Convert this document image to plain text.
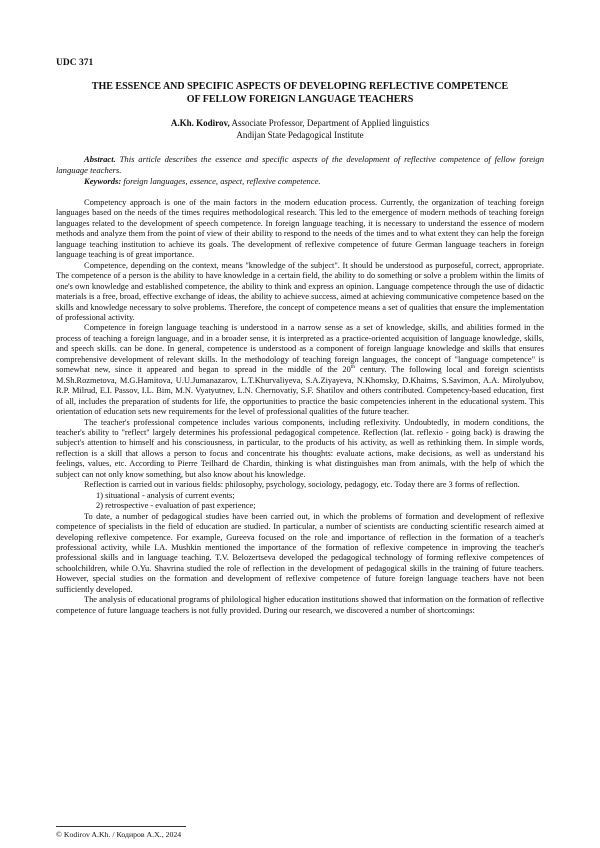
UDC 371
THE ESSENCE AND SPECIFIC ASPECTS OF DEVELOPING REFLECTIVE COMPETENCE
OF FELLOW FOREIGN LANGUAGE TEACHERS
A.Kh. Kodirov, Associate Professor, Department of Applied linguistics
Andijan State Pedagogical Institute
Abstract. This article describes the essence and specific aspects of the development of reflective competence of fellow foreign language teachers.
Keywords: foreign languages, essence, aspect, reflexive competence.

Competency approach is one of the main factors in the modern education process. Currently, the organization of teaching foreign languages based on the needs of the times requires methodological research. This led to the emergence of modern methods of teaching foreign languages related to the development of speech competence. In foreign language teaching, it is necessary to understand the essence of modern methods and analyze them from the point of view of their ability to respond to the needs of the times and to what extent they can help the foreign language teaching institution to achieve its goals. The development of reflexive competence of future German language teachers in foreign language teaching is of great importance.

Competence, depending on the context, means "knowledge of the subject". It should be understood as purposeful, correct, appropriate. The competence of a person is the ability to have knowledge in a certain field, the ability to do something or solve a problem within the limits of one's own knowledge and established competence, the ability to think and express an opinion. Language competence through the use of didactic materials is a free, broad, effective exchange of ideas, the ability to achieve success, aimed at achieving communicative competence based on the skills and knowledge necessary to solve problems. Therefore, the concept of competence means a set of qualities that ensure the implementation of professional activity.

Competence in foreign language teaching is understood in a narrow sense as a set of knowledge, skills, and abilities formed in the process of teaching a foreign language, and in a broader sense, it is interpreted as a practice-oriented acquisition of language knowledge, skills, and speech skills. can be done. In general, competence is understood as a component of foreign language knowledge and skills that ensures comprehensive development of relevant skills. In the methodology of teaching foreign languages, the concept of "language competence" is somewhat new, since it appeared and began to spread in the middle of the 20th century. The following local and foreign scientists M.Sh.Rozmetova, M.G.Hamitova, U.U.Jumanazarov, L.T.Khurvaliyeva, S.A.Ziyayeva, N.Khomsky, D.Khaims, S.Savimon, A.A. Mirolyubov, R.P. Milrud, E.I. Passov, I.L. Bim, M.N. Vyatyutnev, L.N. Chernovatiy, S.F. Shatilov and others contributed. Competency-based education, first of all, includes the preparation of students for life, the opportunities to practice the basic competencies inherent in the educational system. This orientation of education sets new requirements for the level of professional qualities of the future teacher.

The teacher's professional competence includes various components, including reflexivity. Undoubtedly, in modern conditions, the teacher's ability to "reflect" largely determines his professional pedagogical competence. Reflection (lat. reflexio - going back) is drawing the subject's attention to himself and his consciousness, in particular, to the products of his activity, as well as rethinking them. In simple words, reflection is a skill that allows a person to focus and concentrate his thoughts: evaluate actions, make decisions, as well as understand his feelings, values, etc. According to Pierre Teilhard de Chardin, thinking is what distinguishes man from animals, with the help of which the subject can not only know something, but also know about his knowledge.

Reflection is carried out in various fields: philosophy, psychology, sociology, pedagogy, etc. Today there are 3 forms of reflection.

1) situational - analysis of current events;

2) retrospective - evaluation of past experience;

To date, a number of pedagogical studies have been carried out, in which the problems of formation and development of reflexive competence of specialists in the field of education are studied. In particular, a number of scientists are conducting scientific research aimed at developing reflexive competence. For example, Gureeva focused on the role and importance of reflection in the formation of a teacher's professional activity, while I.A. Mushkin mentioned the importance of the formation of reflexive competence in improving the teacher's professional skills and in language teaching. T.V. Belozertseva developed the pedagogical technology of forming reflexive competences of schoolchildren, while O.Yu. Shavrina studied the role of reflection in the development of pedagogical skills in the training of future teachers. However, special studies on the formation and development of reflexive competence of future foreign language teachers have not been sufficiently developed.

The analysis of educational programs of philological higher education institutions showed that information on the formation of reflective competence of future language teachers is not fully provided. During our research, we discovered a number of shortcomings:

© Kodirov A.Kh. / Кодиров А.Х., 2024
